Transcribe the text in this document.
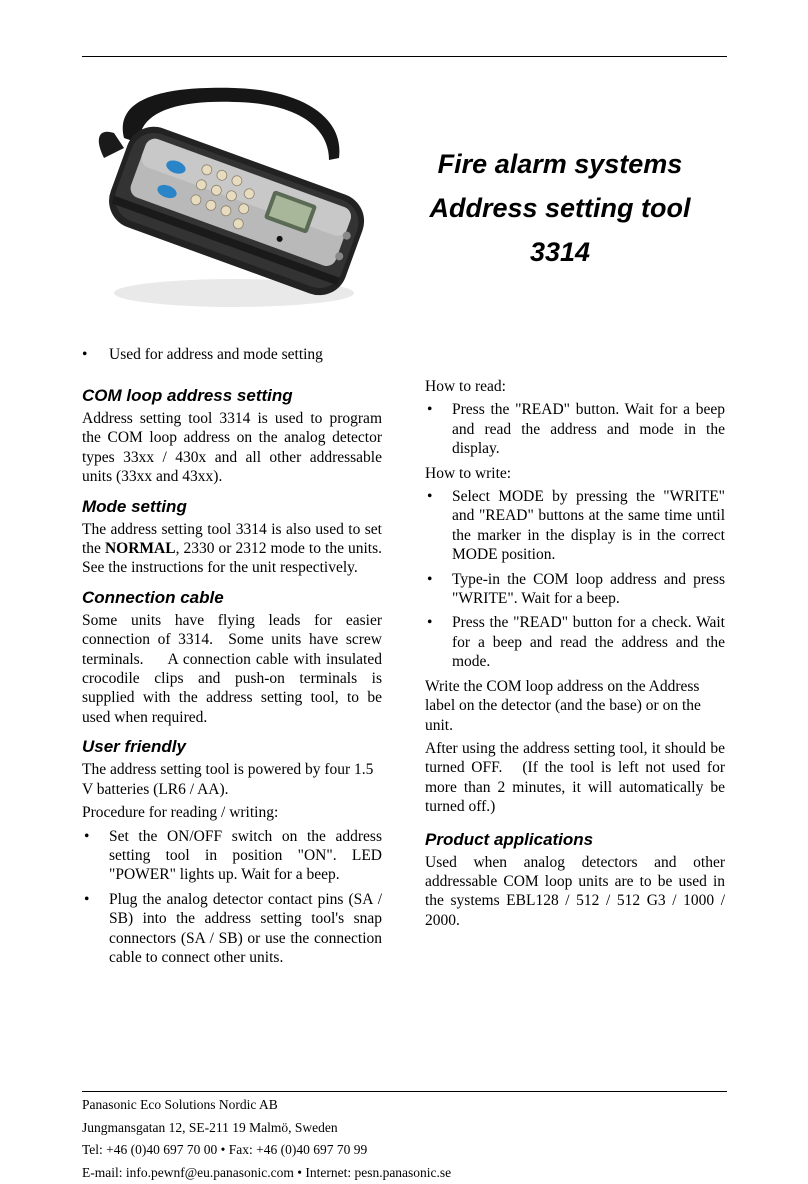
Fire alarm systems
Address setting tool
3314
• Used for address and mode setting
COM loop address setting

Address setting tool 3314 is used to program the COM loop address on the analog detector types 33xx / 430x and all other addressable units (33xx and 43xx).

Mode setting

The address setting tool 3314 is also used to set the NORMAL, 2330 or 2312 mode to the units. See the instructions for the unit respectively.

Connection cable

Some units have flying leads for easier connection of 3314.  Some units have screw terminals.     A connection cable with insulated crocodile clips and push-on terminals is supplied with the address setting tool, to be used when required.

User friendly

The address setting tool is powered by four 1.5 V batteries (LR6 / AA).

Procedure for reading / writing:

• Set the ON/OFF switch on the address setting tool in position "ON". LED "POWER" lights up. Wait for a beep.
• Plug the analog detector contact pins (SA / SB) into the address setting tool's snap connectors (SA / SB) or use the connection cable to connect other units.

How to read:

• Press the "READ" button. Wait for a beep and read the address and mode in the display.

How to write:

• Select MODE by pressing the "WRITE" and "READ" buttons at the same time until the marker in the display is in the correct MODE position.
• Type-in the COM loop address and press "WRITE". Wait for a beep.
• Press the "READ" button for a check. Wait for a beep and read the address and the mode.

Write the COM loop address on the Address label on the detector (and the base) or on the unit.

After using the address setting tool, it should be turned OFF.   (If the tool is left not used for more than 2 minutes, it will automatically be turned off.)

Product applications

Used when analog detectors and other addressable COM loop units are to be used in the systems EBL128 / 512 / 512 G3 / 1000 / 2000.

Panasonic Eco Solutions Nordic AB
Jungmansgatan 12, SE-211 19 Malmö, Sweden
Tel: +46 (0)40 697 70 00 • Fax: +46 (0)40 697 70 99
E-mail: info.pewnf@eu.panasonic.com • Internet: pesn.panasonic.se
